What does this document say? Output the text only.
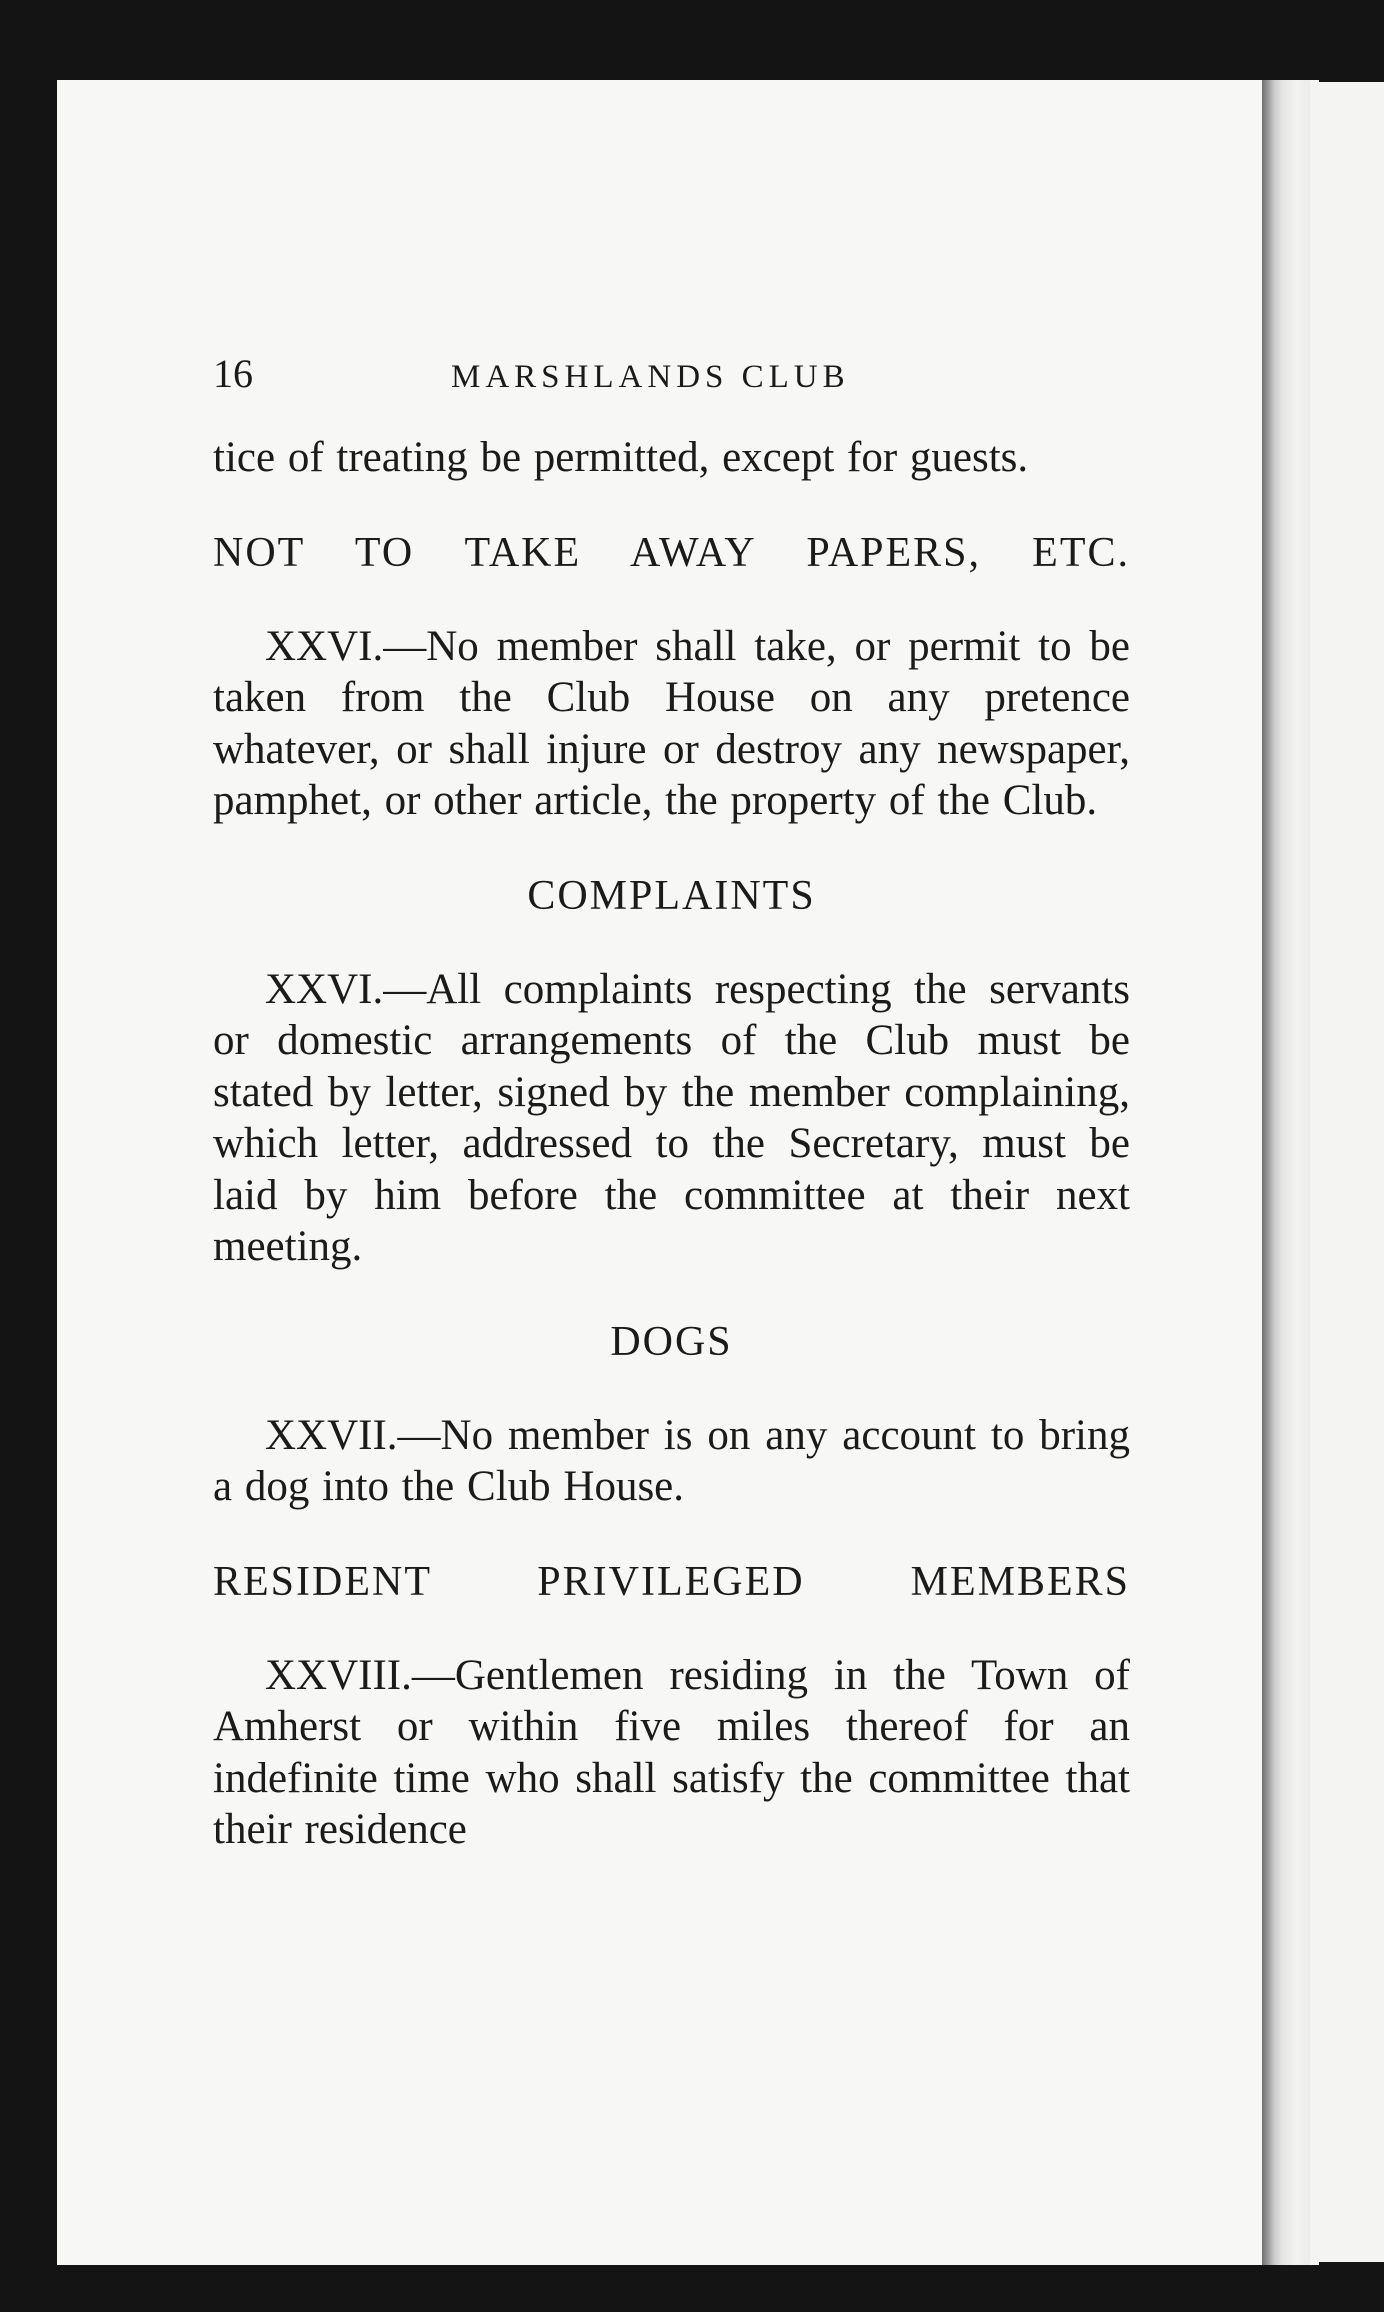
16	MARSHLANDS CLUB

tice of treating be permitted, except for guests.

NOT TO TAKE AWAY PAPERS, ETC.

XXVI.—No member shall take, or permit to be taken from the Club House on any pretence whatever, or shall injure or destroy any newspaper, pamphet, or other article, the property of the Club.

COMPLAINTS

XXVI.—All complaints respecting the servants or domestic arrangements of the Club must be stated by letter, signed by the member complaining, which letter, addressed to the Secretary, must be laid by him before the committee at their next meeting.

DOGS

XXVII.—No member is on any account to bring a dog into the Club House.

RESIDENT PRIVILEGED MEMBERS

XXVIII.—Gentlemen residing in the Town of Amherst or within five miles thereof for an indefinite time who shall satisfy the committee that their residence
